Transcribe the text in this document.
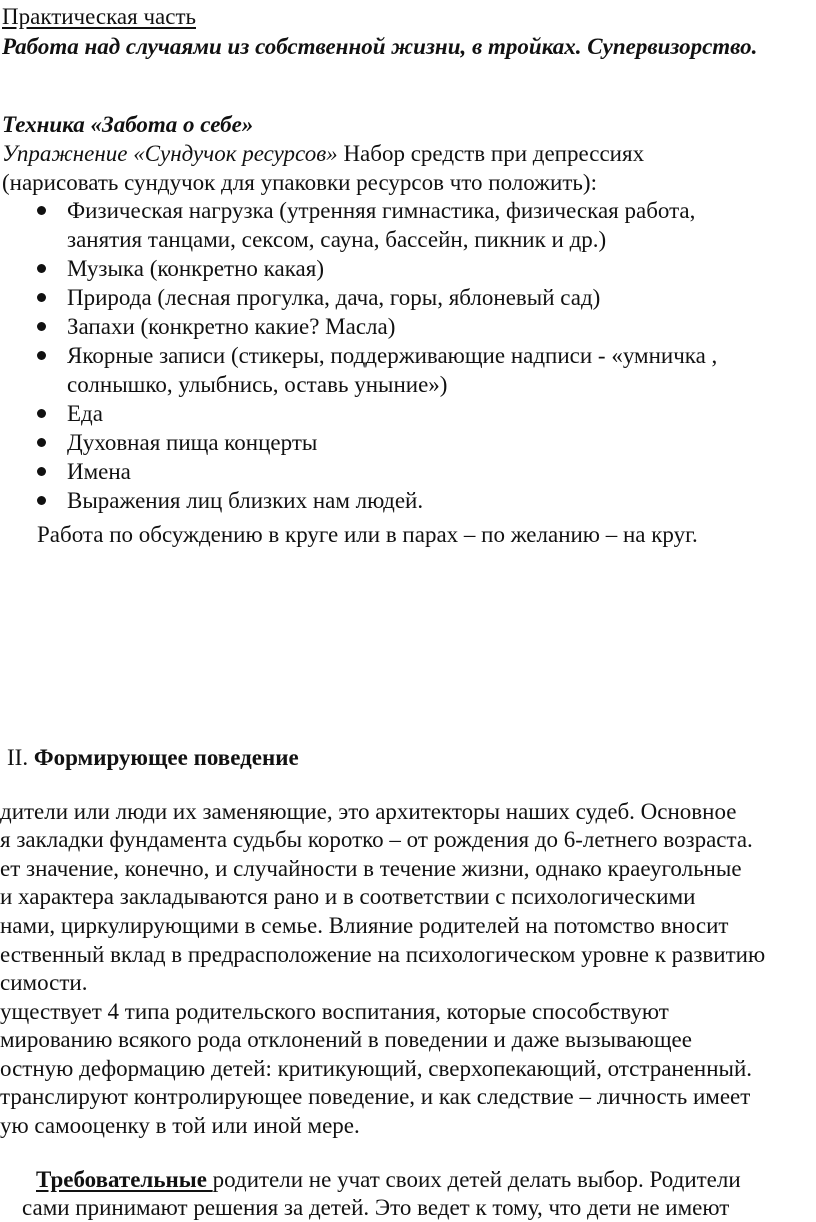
Практическая часть
Работа над случаями из собственной жизни, в тройках. Супервизорство.
Техника «Забота о себе»
Упражнение «Сундучок ресурсов» Набор средств при депрессиях
(нарисовать сундучок для упаковки ресурсов что положить):
Физическая нагрузка (утренняя гимнастика, физическая работа,
занятия танцами, сексом, сауна, бассейн, пикник и др.)
Музыка (конкретно какая)
Природа (лесная прогулка, дача, горы, яблоневый сад)
Запахи (конкретно какие? Масла)
Якорные записи (стикеры, поддерживающие надписи - «умничка ,
солнышко, улыбнись, оставь уныние»)
Еда
Духовная пища концерты
Имена
Выражения лиц близких нам людей.
Работа по обсуждению в круге или в парах – по желанию – на круг.
II. Формирующее поведение
дители или люди их заменяющие, это архитекторы наших судеб. Основное
я закладки фундамента судьбы коротко – от рождения до 6-летнего возраста.
ет значение, конечно, и случайности в течение жизни, однако краеугольные
и характера закладываются рано и в соответствии с психологическими
нами, циркулирующими в семье. Влияние родителей на потомство вносит
ественный вклад в предрасположение на психологическом уровне к развитию
симости.
уществует 4 типа родительского воспитания, которые способствуют
мированию всякого рода отклонений в поведении и даже вызывающее
остную деформацию детей: критикующий, сверхопекающий, отстраненный.
транслируют контролирующее поведение, и как следствие – личность имеет
ую самооценку в той или иной мере.
Требовательные родители не учат своих детей делать выбор. Родители
сами принимают решения за детей. Это ведет к тому, что дети не имеют
